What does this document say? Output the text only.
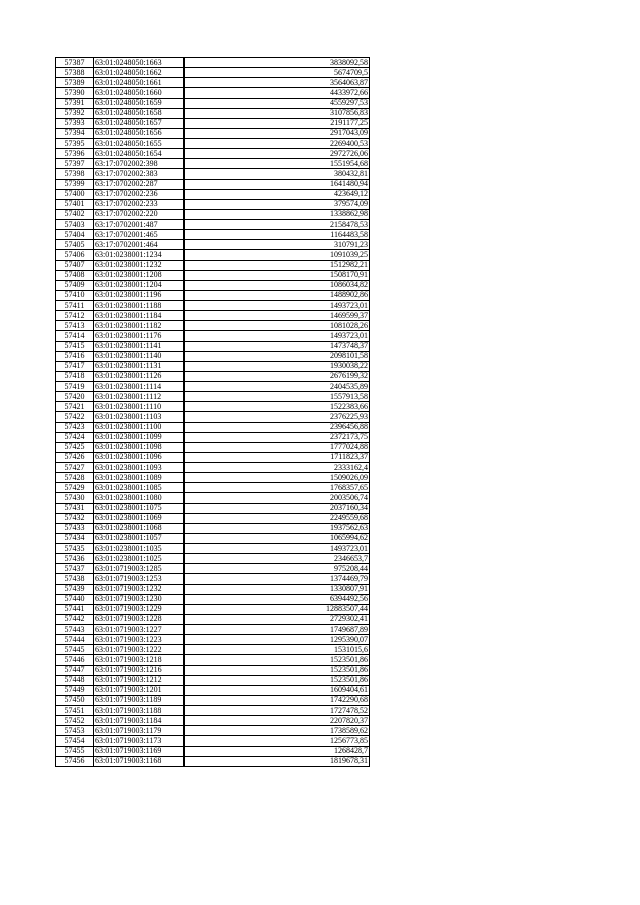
57387	63:01:0248050:1663	3838092,58
57388	63:01:0248050:1662	5674709,5
57389	63:01:0248050:1661	3564063,87
57390	63:01:0248050:1660	4433972,66
57391	63:01:0248050:1659	4559297,53
57392	63:01:0248050:1658	3107856,83
57393	63:01:0248050:1657	2191177,25
57394	63:01:0248050:1656	2917043,09
57395	63:01:0248050:1655	2269400,53
57396	63:01:0248050:1654	2972726,06
57397	63:17:0702002:398	1551954,68
57398	63:17:0702002:383	380432,81
57399	63:17:0702002:287	1641480,94
57400	63:17:0702002:236	423649,12
57401	63:17:0702002:233	379574,09
57402	63:17:0702002:220	1338862,98
57403	63:17:0702001:487	2158478,53
57404	63:17:0702001:465	1164483,58
57405	63:17:0702001:464	310791,23
57406	63:01:0238001:1234	1091039,25
57407	63:01:0238001:1232	1512982,21
57408	63:01:0238001:1208	1508170,91
57409	63:01:0238001:1204	1086034,82
57410	63:01:0238001:1196	1488902,86
57411	63:01:0238001:1188	1493723,01
57412	63:01:0238001:1184	1469599,37
57413	63:01:0238001:1182	1081028,26
57414	63:01:0238001:1176	1493723,01
57415	63:01:0238001:1141	1473748,37
57416	63:01:0238001:1140	2098101,58
57417	63:01:0238001:1131	1930038,22
57418	63:01:0238001:1126	2676199,32
57419	63:01:0238001:1114	2404535,89
57420	63:01:0238001:1112	1557913,58
57421	63:01:0238001:1110	1522383,66
57422	63:01:0238001:1103	2376225,93
57423	63:01:0238001:1100	2396456,88
57424	63:01:0238001:1099	2372173,75
57425	63:01:0238001:1098	1777024,88
57426	63:01:0238001:1096	1711823,37
57427	63:01:0238001:1093	2333162,4
57428	63:01:0238001:1089	1509026,09
57429	63:01:0238001:1085	1768357,65
57430	63:01:0238001:1080	2003506,74
57431	63:01:0238001:1075	2037160,34
57432	63:01:0238001:1069	2249559,68
57433	63:01:0238001:1068	1937562,63
57434	63:01:0238001:1057	1065994,62
57435	63:01:0238001:1035	1493723,01
57436	63:01:0238001:1025	2346653,7
57437	63:01:0719003:1285	975208,44
57438	63:01:0719003:1253	1374469,79
57439	63:01:0719003:1232	1330807,91
57440	63:01:0719003:1230	6394492,56
57441	63:01:0719003:1229	12883507,44
57442	63:01:0719003:1228	2729302,41
57443	63:01:0719003:1227	1749687,89
57444	63:01:0719003:1223	1295390,07
57445	63:01:0719003:1222	1531015,6
57446	63:01:0719003:1218	1523501,86
57447	63:01:0719003:1216	1523501,86
57448	63:01:0719003:1212	1523501,86
57449	63:01:0719003:1201	1609404,61
57450	63:01:0719003:1189	1742290,68
57451	63:01:0719003:1188	1727478,52
57452	63:01:0719003:1184	2207820,37
57453	63:01:0719003:1179	1738589,62
57454	63:01:0719003:1173	1256773,85
57455	63:01:0719003:1169	1268428,7
57456	63:01:0719003:1168	1819678,31
